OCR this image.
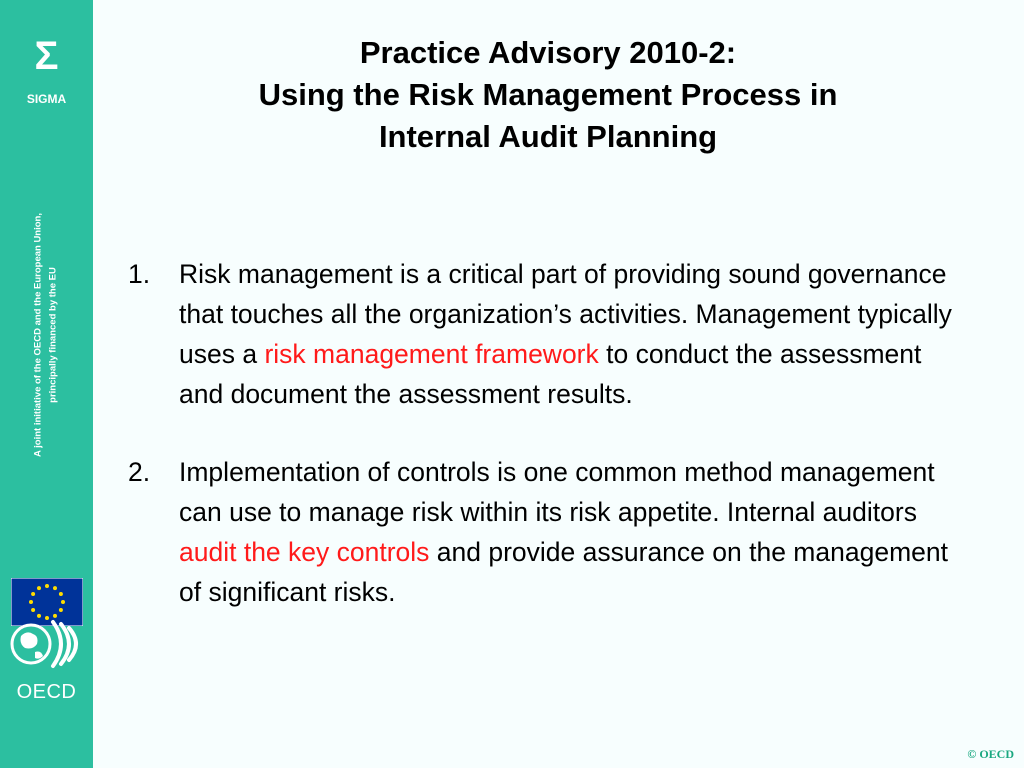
Σ
SIGMA
A joint initiative of the OECD and the European Union, principally financed by the EU
OECD
Practice Advisory 2010-2:
Using the Risk Management Process in
Internal Audit Planning
1. Risk management is a critical part of providing sound governance that touches all the organization’s activities. Management typically uses a risk management framework to conduct the assessment and document the assessment results.
2. Implementation of controls is one common method management can use to manage risk within its risk appetite. Internal auditors audit the key controls and provide assurance on the management of significant risks.
© OECD
